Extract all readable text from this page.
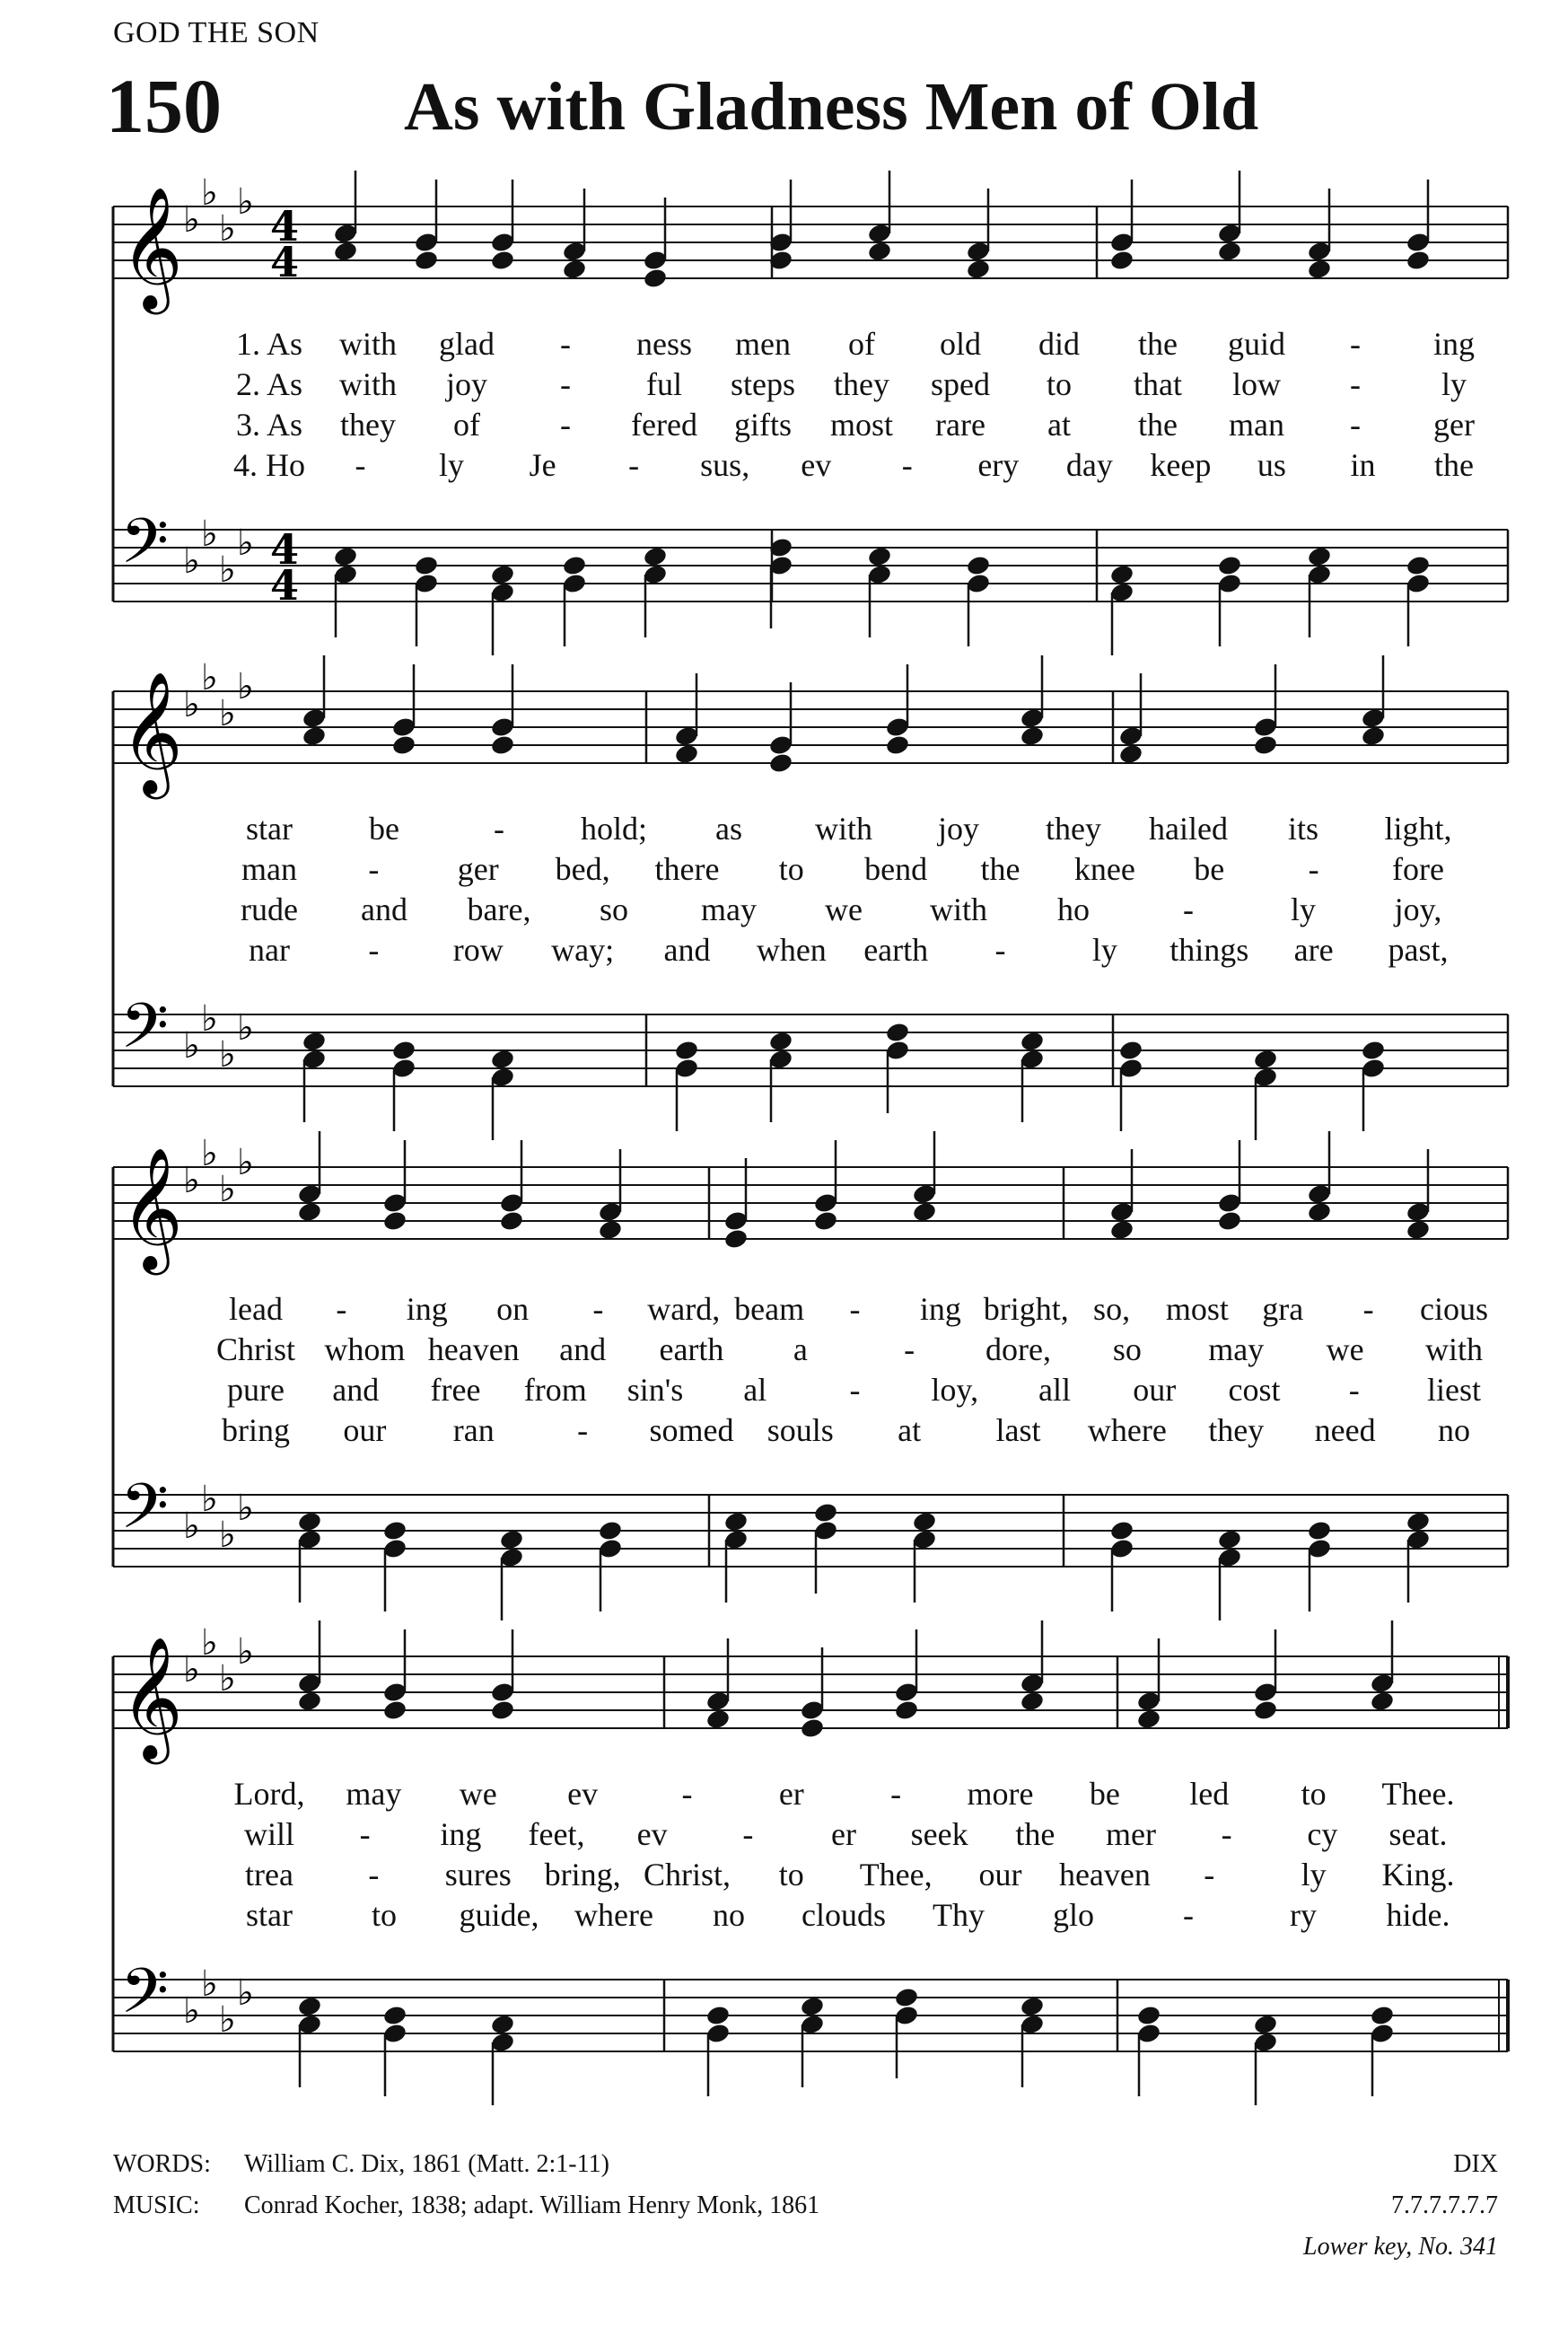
GOD THE SON
150	As with Gladness Men of Old
𝄞 ♭
♭
♭
♭ 4
4
𝄢 ♭
♭
♭
♭ 4
4
𝄞 ♭
♭
♭
♭
𝄢 ♭
♭
♭
♭
𝄞 ♭
♭
♭
♭
𝄢 ♭
♭
♭
♭
𝄞 ♭
♭
♭
♭
𝄢 ♭
♭
♭
♭
1. As with glad - ness men of old did the guid - ing
2. As with joy - ful steps they sped to that low - ly
3. As they of - fered gifts most rare at the man - ger
4. Ho - ly Je - sus, ev - ery day keep us in the
star be	- hold; as with joy they hailed its light,
man - ger bed, there to bend the knee be	- fore
rude and bare, so may we with ho	-	ly joy,
nar - row way; and when earth -	ly things are past,
lead - ing on - ward, beam - ing bright, so, most gra - cious
Christ whom heaven and earth a	- dore, so may we with
pure and free from sin's al	- loy, all our cost - liest
bring our ran	- somed souls at last where they need no
Lord, may we ev	-	er	- more be led to Thee.
will - ing feet, ev - er seek the mer - cy seat.
trea - sures bring, Christ, to Thee, our heaven -	ly King.
star to guide, where no clouds Thy glo	-	ry hide.
WORDS: William C. Dix, 1861 (Matt. 2:1-11)
MUSIC: Conrad Kocher, 1838; adapt. William Henry Monk, 1861
DIX
7.7.7.7.7.7
Lower key, No. 341
